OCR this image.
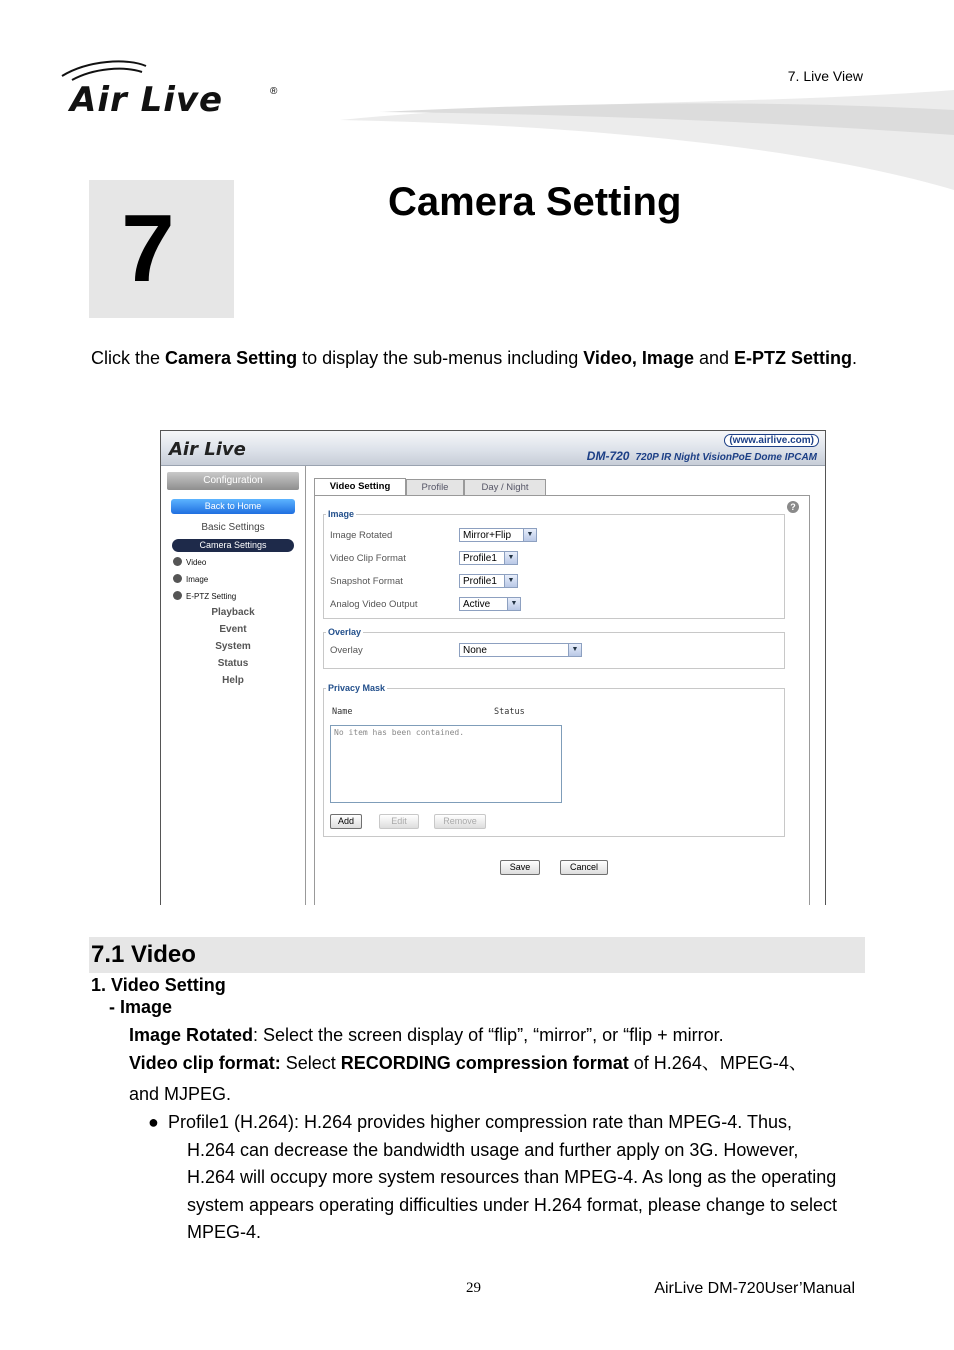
Air Live	®
7. Live View
7	Camera Setting
Click the Camera Setting to display the sub-menus including Video, Image and E-PTZ Setting.
Air Live	(www.airlive.com)
DM-720 720P IR Night VisionPoE Dome IPCAM
Configuration
Back to Home
Basic Settings
Camera Settings
Video
Image
E-PTZ Setting
Playback
Event
System
Status
Help
Video Setting	Profile	Day / Night
?
Image
Image Rotated	Mirror+Flip	▼
Video Clip Format	Profile1	▼
Snapshot Format	Profile1	▼
Analog Video Output	Active	▼
Overlay
Overlay	None	▼
Privacy Mask
Name	Status
No item has been contained.
Add	Edit	Remove
Save	Cancel
7.1 Video
1. Video Setting
- Image
Image Rotated: Select the screen display of “flip”, “mirror”, or “flip + mirror.
Video clip format: Select RECORDING compression format of H.264、MPEG-4、
and MJPEG.
● Profile1 (H.264): H.264 provides higher compression rate than MPEG-4. Thus,
H.264 can decrease the bandwidth usage and further apply on 3G. However, H.264 will occupy more system resources than MPEG-4. As long as the operating system appears operating difficulties under H.264 format, please change to select MPEG-4.
29	AirLive DM-720User’Manual
